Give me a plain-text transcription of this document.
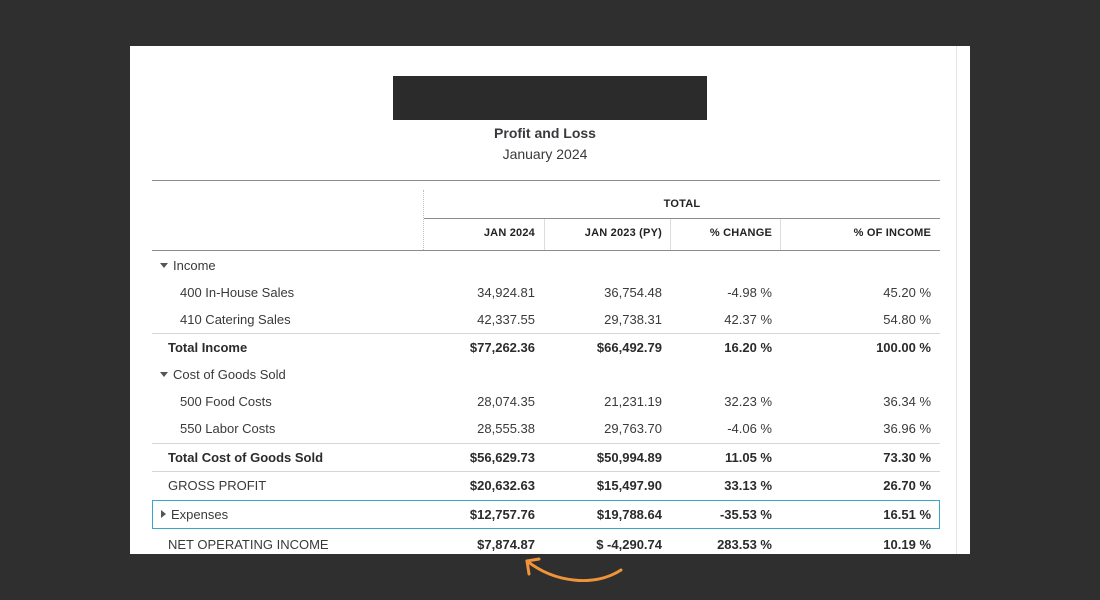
Profit and Loss
January 2024
TOTAL
JAN 2024	JAN 2023 (PY)	% CHANGE	% OF INCOME
Income
400 In-House Sales	34,924.81	36,754.48	-4.98 %	45.20 %
410 Catering Sales	42,337.55	29,738.31	42.37 %	54.80 %
Total Income	$77,262.36	$66,492.79	16.20 %	100.00 %
Cost of Goods Sold
500 Food Costs	28,074.35	21,231.19	32.23 %	36.34 %
550 Labor Costs	28,555.38	29,763.70	-4.06 %	36.96 %
Total Cost of Goods Sold	$56,629.73	$50,994.89	11.05 %	73.30 %
GROSS PROFIT	$20,632.63	$15,497.90	33.13 %	26.70 %
Expenses	$12,757.76	$19,788.64	-35.53 %	16.51 %
NET OPERATING INCOME	$7,874.87	$ -4,290.74	283.53 %	10.19 %
